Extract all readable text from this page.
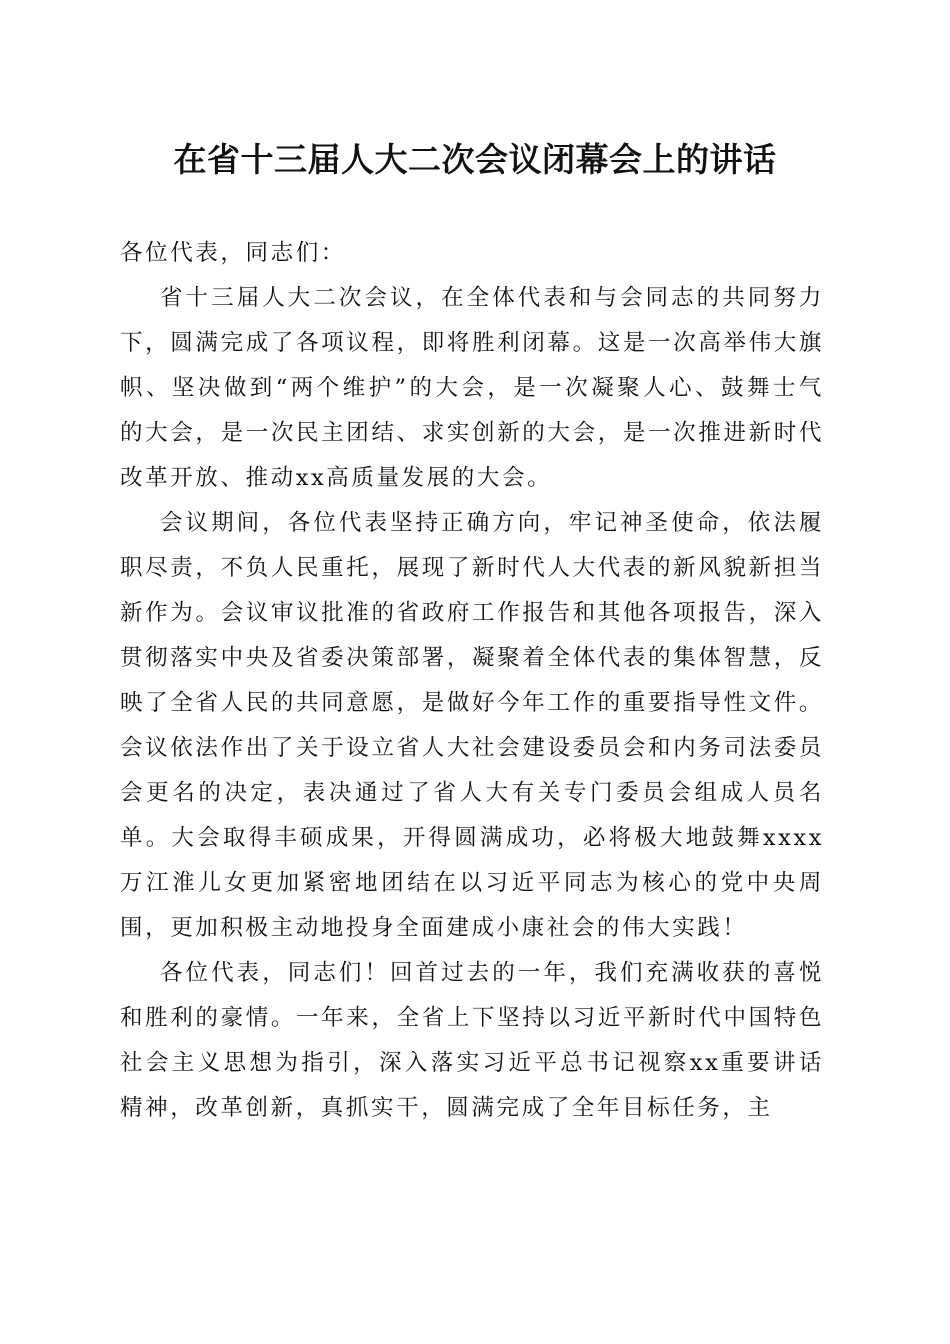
在省十三届人大二次会议闭幕会上的讲话

各位代表，同志们：

省十三届人大二次会议，在全体代表和与会同志的共同努力下，圆满完成了各项议程，即将胜利闭幕。这是一次高举伟大旗帜、坚决做到“两个维护”的大会，是一次凝聚人心、鼓舞士气的大会，是一次民主团结、求实创新的大会，是一次推进新时代改革开放、推动xx高质量发展的大会。

会议期间，各位代表坚持正确方向，牢记神圣使命，依法履职尽责，不负人民重托，展现了新时代人大代表的新风貌新担当新作为。会议审议批准的省政府工作报告和其他各项报告，深入贯彻落实中央及省委决策部署，凝聚着全体代表的集体智慧，反映了全省人民的共同意愿，是做好今年工作的重要指导性文件。会议依法作出了关于设立省人大社会建设委员会和内务司法委员会更名的决定，表决通过了省人大有关专门委员会组成人员名单。大会取得丰硕成果，开得圆满成功，必将极大地鼓舞xxxx万江淮儿女更加紧密地团结在以习近平同志为核心的党中央周围，更加积极主动地投身全面建成小康社会的伟大实践！

各位代表，同志们！回首过去的一年，我们充满收获的喜悦和胜利的豪情。一年来，全省上下坚持以习近平新时代中国特色社会主义思想为指引，深入落实习近平总书记视察xx重要讲话精神，改革创新，真抓实干，圆满完成了全年目标任务，主
